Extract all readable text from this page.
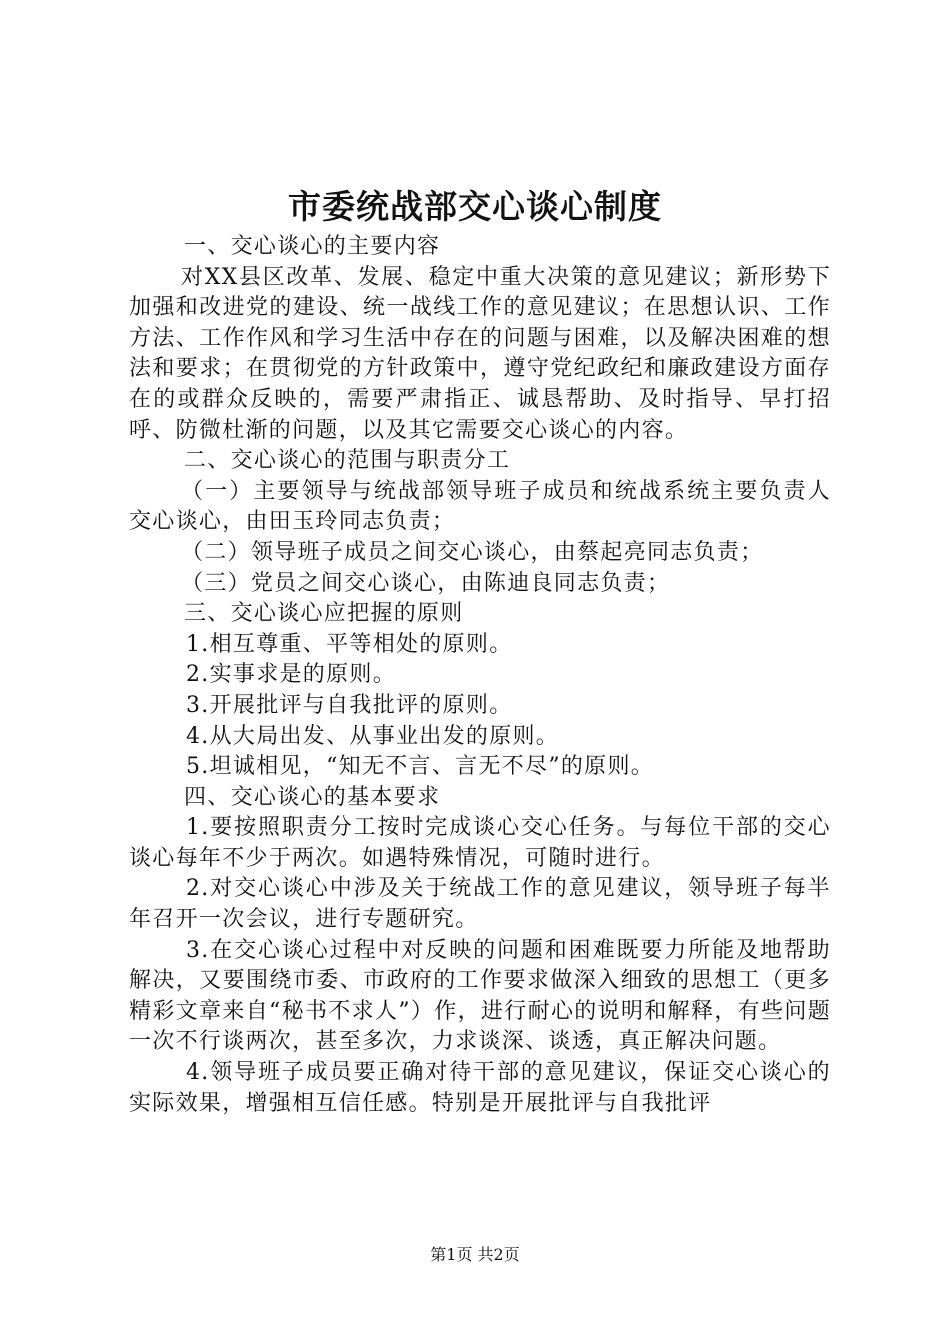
市委统战部交心谈心制度

一、交心谈心的主要内容

对XX县区改革、发展、稳定中重大决策的意见建议；新形势下加强和改进党的建设、统一战线工作的意见建议；在思想认识、工作方法、工作作风和学习生活中存在的问题与困难，以及解决困难的想法和要求；在贯彻党的方针政策中，遵守党纪政纪和廉政建设方面存在的或群众反映的，需要严肃指正、诚恳帮助、及时指导、早打招呼、防微杜渐的问题，以及其它需要交心谈心的内容。

二、交心谈心的范围与职责分工

（一）主要领导与统战部领导班子成员和统战系统主要负责人交心谈心，由田玉玲同志负责；

（二）领导班子成员之间交心谈心，由蔡起亮同志负责；

（三）党员之间交心谈心，由陈迪良同志负责；

三、交心谈心应把握的原则

1.相互尊重、平等相处的原则。

2.实事求是的原则。

3.开展批评与自我批评的原则。

4.从大局出发、从事业出发的原则。

5.坦诚相见，“知无不言、言无不尽”的原则。

四、交心谈心的基本要求

1.要按照职责分工按时完成谈心交心任务。与每位干部的交心谈心每年不少于两次。如遇特殊情况，可随时进行。

2.对交心谈心中涉及关于统战工作的意见建议，领导班子每半年召开一次会议，进行专题研究。

3.在交心谈心过程中对反映的问题和困难既要力所能及地帮助解决，又要围绕市委、市政府的工作要求做深入细致的思想工（更多精彩文章来自“秘书不求人”）作，进行耐心的说明和解释，有些问题一次不行谈两次，甚至多次，力求谈深、谈透，真正解决问题。

4.领导班子成员要正确对待干部的意见建议，保证交心谈心的实际效果，增强相互信任感。特别是开展批评与自我批评

第1页 共2页
